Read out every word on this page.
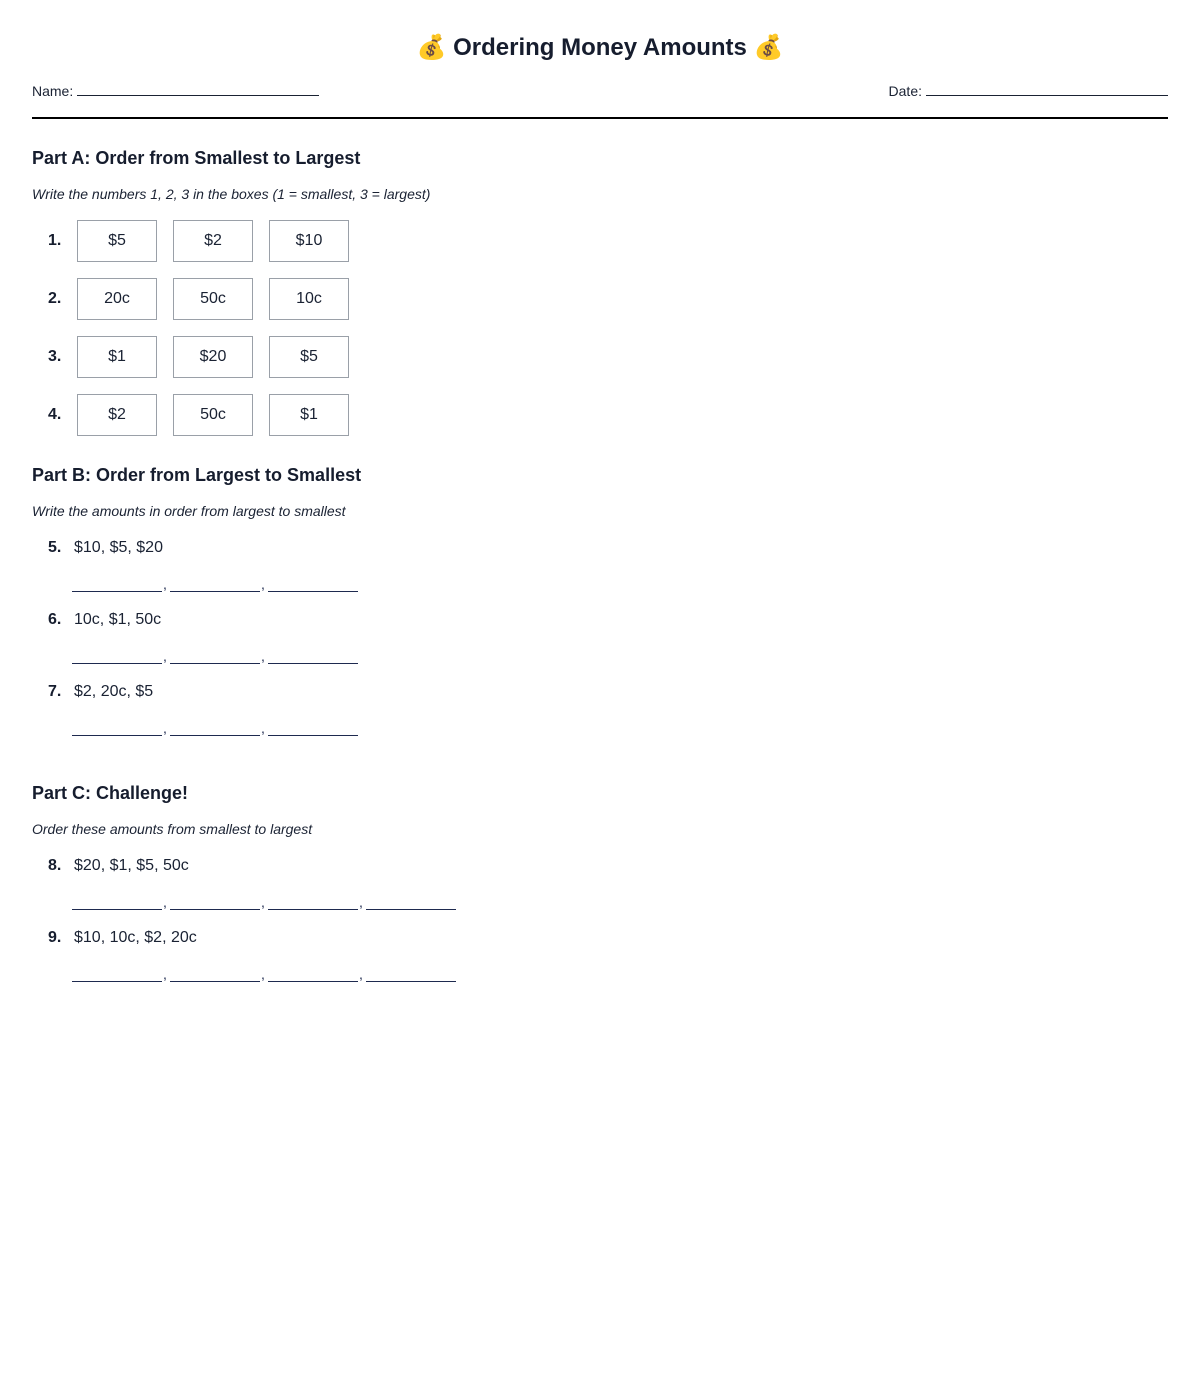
💰 Ordering Money Amounts 💰
Name:	Date:
Part A: Order from Smallest to Largest

Write the numbers 1, 2, 3 in the boxes (1 = smallest, 3 = largest)

1.	$5	$2	$10
2.	20c	50c	10c
3.	$1	$20	$5
4.	$2	50c	$1
Part B: Order from Largest to Smallest

Write the amounts in order from largest to smallest

5. $10, $5, $20
,	,
6. 10c, $1, 50c
,	,
7. $2, 20c, $5
,	,
Part C: Challenge!

Order these amounts from smallest to largest

8. $20, $1, $5, 50c
,	,	,
9. $10, 10c, $2, 20c
,	,	,
